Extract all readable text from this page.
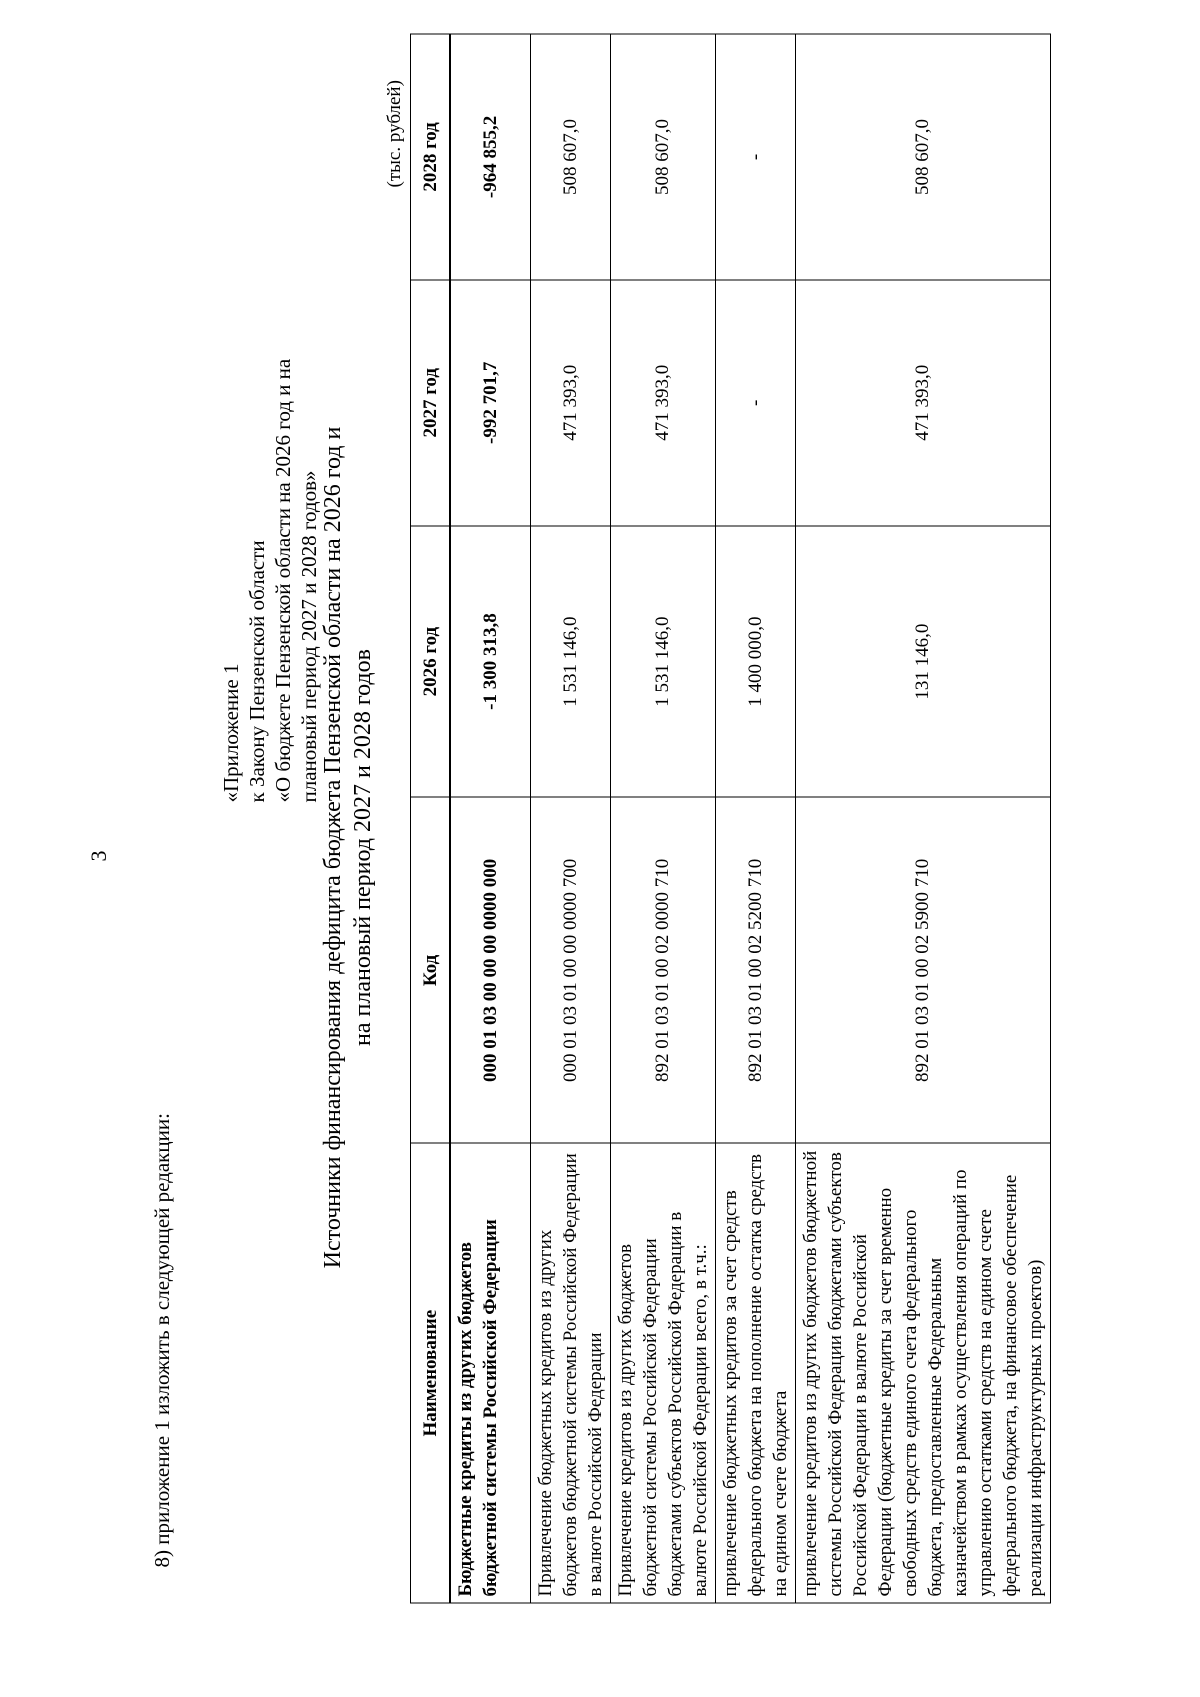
3
8) приложение 1 изложить в следующей редакции:
«Приложение 1 к Закону Пензенской области «О бюджете Пензенской области на 2026 год и на плановый период 2027 и 2028 годов» Источники финансирования дефицита бюджета Пензенской области на 2026 год и на плановый период 2027 и 2028 годов
(тыс. рублей)
Наименование	Код	2026 год	2027 год	2028 год
Бюджетные кредиты из других бюджетов бюджетной системы Российской Федерации	000 01 03 00 00 00 0000 000	-1 300 313,8	-992 701,7	-964 855,2
Привлечение бюджетных кредитов из других бюджетов бюджетной системы Российской Федерации в валюте Российской Федерации	000 01 03 01 00 00 0000 700	1 531 146,0	471 393,0	508 607,0
Привлечение кредитов из других бюджетов бюджетной системы Российской Федерации бюджетами субъектов Российской Федерации в валюте Российской Федерации всего, в т.ч.:	892 01 03 01 00 02 0000 710	1 531 146,0	471 393,0	508 607,0
привлечение бюджетных кредитов за счет средств федерального бюджета на пополнение остатка средств на едином счете бюджета	892 01 03 01 00 02 5200 710	1 400 000,0	-	-
привлечение кредитов из других бюджетов бюджетной системы Российской Федерации бюджетами субъектов Российской Федерации в валюте Российской Федерации (бюджетные кредиты за счет временно свободных средств единого счета федерального бюджета, предоставленные Федеральным казначейством в рамках осуществления операций по управлению остатками средств на едином счете федерального бюджета, на финансовое обеспечение реализации инфраструктурных проектов)	892 01 03 01 00 02 5900 710	131 146,0	471 393,0	508 607,0
